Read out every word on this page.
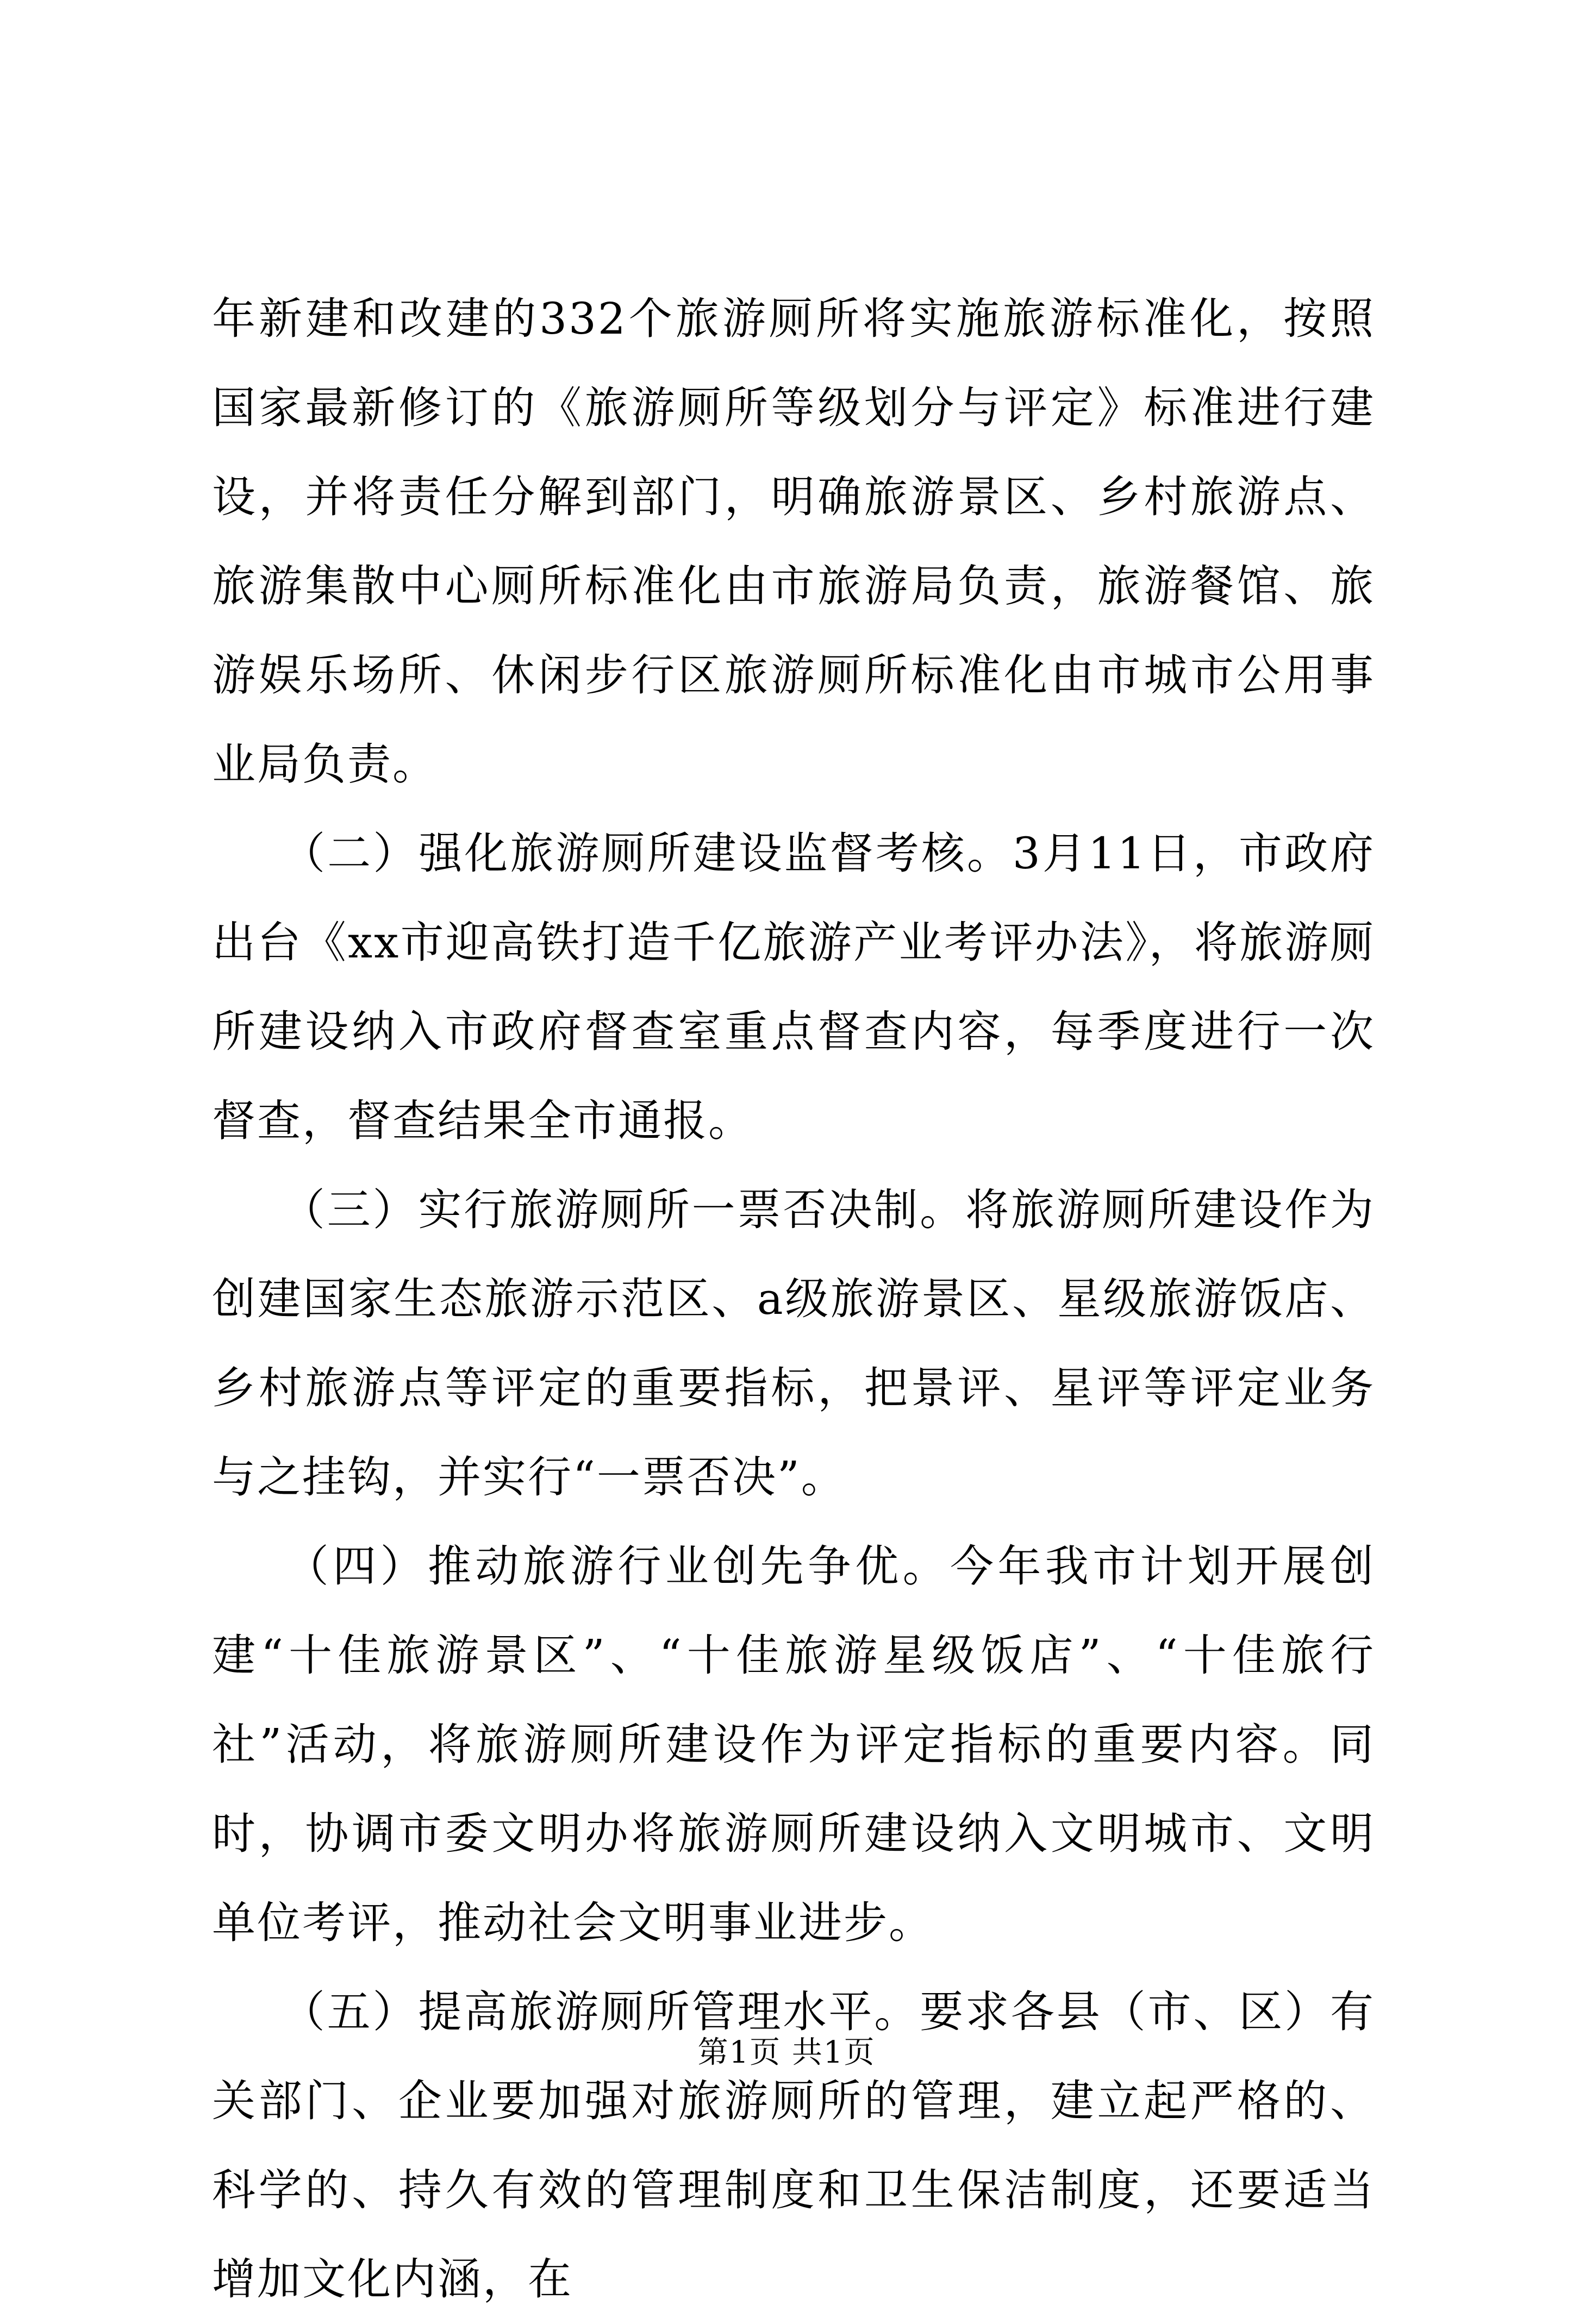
年新建和改建的332个旅游厕所将实施旅游标准化，按照国家最新修订的《旅游厕所等级划分与评定》标准进行建设，并将责任分解到部门，明确旅游景区、乡村旅游点、旅游集散中心厕所标准化由市旅游局负责，旅游餐馆、旅游娱乐场所、休闲步行区旅游厕所标准化由市城市公用事业局负责。

　　（二）强化旅游厕所建设监督考核。3月11日，市政府出台《xx市迎高铁打造千亿旅游产业考评办法》，将旅游厕所建设纳入市政府督查室重点督查内容，每季度进行一次督查，督查结果全市通报。

　　（三）实行旅游厕所一票否决制。将旅游厕所建设作为创建国家生态旅游示范区、a级旅游景区、星级旅游饭店、乡村旅游点等评定的重要指标，把景评、星评等评定业务与之挂钩，并实行“一票否决”。

　　（四）推动旅游行业创先争优。今年我市计划开展创建“十佳旅游景区”、“十佳旅游星级饭店”、“十佳旅行社”活动，将旅游厕所建设作为评定指标的重要内容。同时，协调市委文明办将旅游厕所建设纳入文明城市、文明单位考评，推动社会文明事业进步。

　　（五）提高旅游厕所管理水平。要求各县（市、区）有关部门、企业要加强对旅游厕所的管理，建立起严格的、科学的、持久有效的管理制度和卫生保洁制度，还要适当增加文化内涵，在

第1页 共1页
